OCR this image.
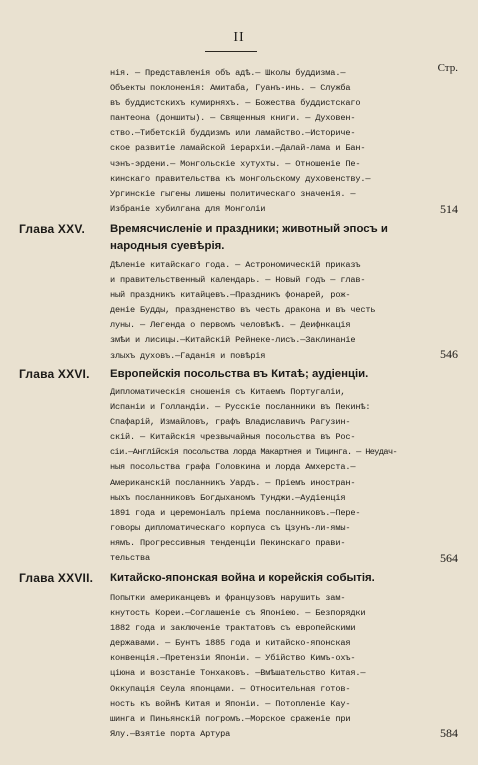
II
Стр.
нія. — Представленія объ адѣ.— Школы буддизма.—
Объекты поклоненія: Амитаба, Гуанъ-инь. — Служба
въ буддистскихъ кумирняхъ. — Божества буддистскаго
пантеона (доншиты). — Священныя книги. — Духовен-
ство.—Тибетскій буддизмъ или ламайство.—Историче-
ское развитіе ламайской іерархіи.—Далай-лама и Бан-
чэнъ-эрдени.— Монгольскіе хутухты. — Отношеніе Пе-
кинскаго правительства къ монгольскому духовенству.—
Ургинскіе гыгены лишены политическаго значенія. —
Избраніе хубилгана для Монголіи	514
Глава XXV. Времясчисленіе и праздники; животный эпосъ и
народныя суевѣрія.
Дѣленіе китайскаго года. — Астрономическій приказъ
и правительственный календарь. — Новый годъ — глав-
ный праздникъ китайцевъ.—Праздникъ фонарей, рож-
деніе Будды, праздненство въ честь дракона и въ честь
луны. — Легенда о первомъ человѣкѣ. — Деифнкація
змѣи и лисицы.—Китайскій Рейнеке-лисъ.—Заклинаніе
злыхъ духовъ.—Гаданія и повѣрія	546
Глава XXVI. Европейскія посольства въ Китаѣ; аудіенціи.
Дипломатическія сношенія съ Китаемъ Португаліи,
Испаніи и Голландіи. — Русскіе посланники въ Пекинѣ:
Спафарій, Измайловъ, графъ Владиславичъ Рагузин-
скій. — Китайскія чрезвычайныя посольства въ Рос-
сіи.—Англійскія посольства лорда Макартнея и Тицинга. — Неудач-
ныя посольства графа Головкина и лорда Амхерста.—
Американскій посланникъ Уардъ. — Пріемъ иностран-
ныхъ посланниковъ Богдыханомъ Тунджи.—Аудіенція
1891 года и церемоніалъ пріема посланниковъ.—Пере-
говоры дипломатическаго корпуса съ Цзунъ-ли-ямы-
нямъ. Прогрессивныя тенденціи Пекинскаго прави-
тельства	564
Глава XXVII. Китайско-японская война и корейскія событія.
Попытки американцевъ и французовъ нарушить зам-
кнутость Кореи.—Соглашеніе съ Японіею. — Безпорядки
1882 года и заключеніе трактатовъ съ европейскими
державами. — Бунтъ 1885 года и китайско-японская
конвенція.—Претензіи Японіи. — Убійство Кимъ-охъ-
ціюна и возстаніе Тонхаковъ. —Вмѣшательство Китая.—
Оккупація Сеула японцами. — Относительная готов-
ность къ войнѣ Китая и Японіи. — Потопленіе Кау-
шинга и Пиньянскій погромъ.—Морское сраженіе при
Ялу.—Взятіе порта Артура	584
